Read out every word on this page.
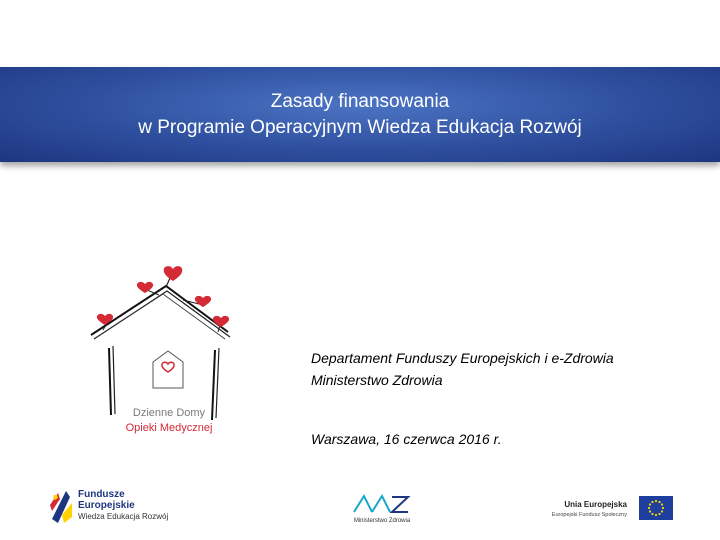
Zasady finansowania
w Programie Operacyjnym Wiedza Edukacja Rozwój
Dzienne Domy
Opieki Medycznej
Departament Funduszy Europejskich i e-Zdrowia
Ministerstwo Zdrowia
Warszawa, 16 czerwca 2016 r.
Fundusze
Europejskie
Wiedza Edukacja Rozwój	Ministerstwo Zdrowia
Unia Europejska
Europejski Fundusz Społeczny
